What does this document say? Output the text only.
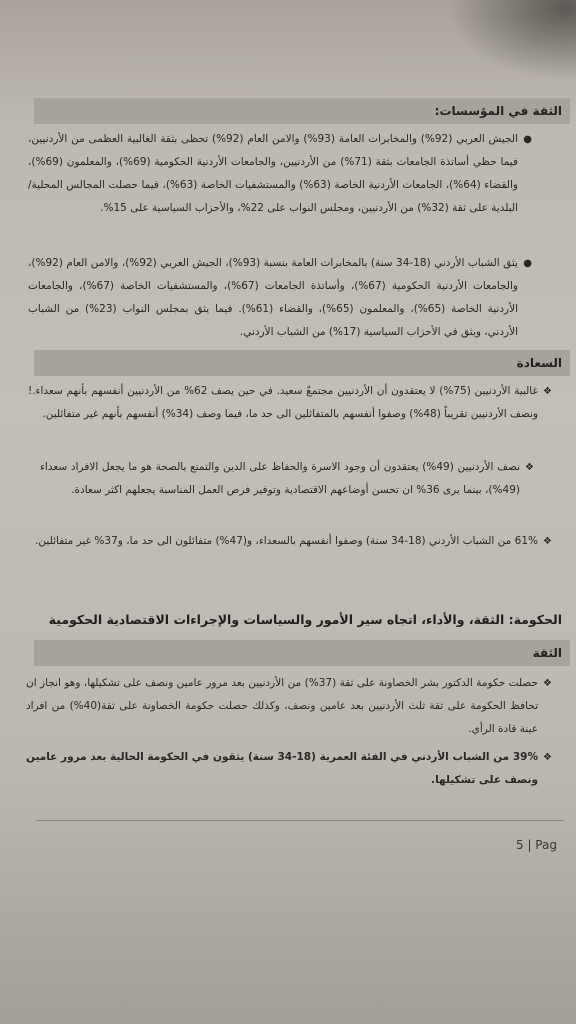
الثقة في المؤسسات:
●
الجيش العربي (92%) والمخابرات العامة (93%) والامن العام (92%) تحظى بثقة الغالبية العظمى من الأردنيين، فيما حظي أساتذة الجامعات بثقة (71%) من الأردنيين، والجامعات الأردنية الحكومية (69%)، والمعلمون (69%)، والقضاء (64%)، الجامعات الأردنية الخاصة (63%) والمستشفيات الخاصة (63%)، فيما حصلت المجالس المحلية/البلدية على ثقة (32%) من الأردنيين، ومجلس النواب على 22%، والأحزاب السياسية على 15%.
●
يثق الشباب الأردني (18-34 سنة) بالمخابرات العامة بنسبة (93%)، الجيش العربي (92%)، والامن العام (92%)، والجامعات الأردنية الحكومية (67%)، وأساتذة الجامعات (67%)، والمستشفيات الخاصة (67%)، والجامعات الأردنية الخاصة (65%)، والمعلمون (65%)، والقضاء (61%). فيما يثق بمجلس النواب (23%) من الشباب الأردني، ويثق في الأحزاب السياسية (17%) من الشباب الأردني.
السعادة
❖
غالبية الأردنيين (75%) لا يعتقدون أن الأردنيين مجتمعٌ سعيد. في حين يصف 62% من الأردنيين أنفسهم بأنهم سعداء.! ونصف الأردنيين تقريباً (48%) وصفوا أنفسهم بالمتفائلين الى حد ما، فيما وصف (34%) أنفسهم بأنهم غير متفائلين.
❖
نصف الأردنيين (49%) يعتقدون أن وجود الاسرة والحفاظ على الدين والتمتع بالصحة هو ما يجعل الافراد سعداء (49%)، بينما يرى 36% ان تحسن أوضاعهم الاقتصادية وتوفير فرص العمل المناسبة يجعلهم اكثر سعادة.
❖
61% من الشباب الأردني (18-34 سنة) وصفوا أنفسهم بالسعداء، و(47%) متفائلون الى حد ما، و37% غير متفائلين.
الحكومة: الثقة، والأداء، اتجاه سير الأمور والسياسات والإجراءات الاقتصادية الحكومية
الثقة
❖
حصلت حكومة الدكتور بشر الخصاونة على ثقة (37%) من الأردنيين بعد مرور عامين ونصف على تشكيلها، وهو انجاز ان تحافظ الحكومة على ثقة ثلث الأردنيين بعد عامين ونصف، وكذلك حصلت حكومة الخصاونة على ثقة(40%) من افراد عينة قادة الرأي.
❖
39% من الشباب الأردني في الفئة العمرية (18-34 سنة) يثقون في الحكومة الحالية بعد مرور عامين ونصف على تشكيلها.
5 | Pag
